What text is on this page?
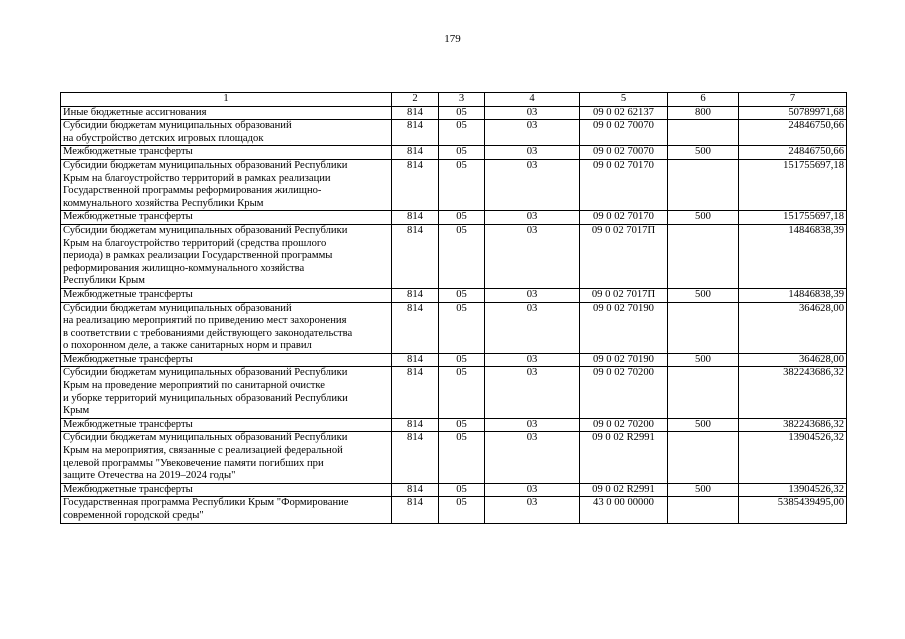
179
1	2	3	4	5	6	7
Иные бюджетные ассигнования	814	05	03	09 0 02 62137	800	50789971,68
Субсидии бюджетам муниципальных образований
на обустройство детских игровых площадок	814	05	03	09 0 02 70070		24846750,66
Межбюджетные трансферты	814	05	03	09 0 02 70070	500	24846750,66
Субсидии бюджетам муниципальных образований Республики
Крым на благоустройство территорий в рамках реализации
Государственной программы реформирования жилищно-
коммунального хозяйства Республики Крым	814	05	03	09 0 02 70170		151755697,18
Межбюджетные трансферты	814	05	03	09 0 02 70170	500	151755697,18
Субсидии бюджетам муниципальных образований Республики
Крым на благоустройство территорий (средства прошлого
периода) в рамках реализации Государственной программы
реформирования жилищно-коммунального хозяйства
Республики Крым	814	05	03	09 0 02 7017П		14846838,39
Межбюджетные трансферты	814	05	03	09 0 02 7017П	500	14846838,39
Субсидии бюджетам муниципальных образований
на реализацию мероприятий по приведению мест захоронения
в соответствии с требованиями действующего законодательства
о похоронном деле, а также санитарных норм и правил	814	05	03	09 0 02 70190		364628,00
Межбюджетные трансферты	814	05	03	09 0 02 70190	500	364628,00
Субсидии бюджетам муниципальных образований Республики
Крым на проведение мероприятий по санитарной очистке
и уборке территорий муниципальных образований Республики
Крым	814	05	03	09 0 02 70200		382243686,32
Межбюджетные трансферты	814	05	03	09 0 02 70200	500	382243686,32
Субсидии бюджетам муниципальных образований Республики
Крым на мероприятия, связанные с реализацией федеральной
целевой программы "Увековечение памяти погибших при
защите Отечества на 2019–2024 годы"	814	05	03	09 0 02 R2991		13904526,32
Межбюджетные трансферты	814	05	03	09 0 02 R2991	500	13904526,32
Государственная программа Республики Крым "Формирование
современной городской среды"	814	05	03	43 0 00 00000		5385439495,00
